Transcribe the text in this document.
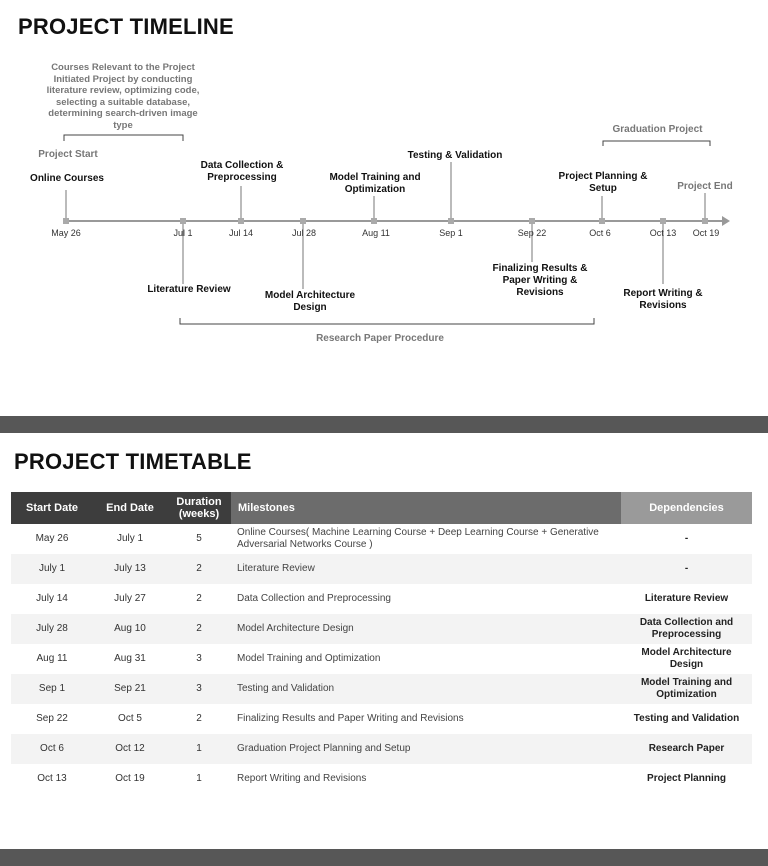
PROJECT TIMELINE
Courses Relevant to the Project Initiated Project by conducting literature review, optimizing code, selecting a suitable database, determining search-driven image type
Project Start
Graduation Project
Project End
Research Paper Procedure
Online Courses
Data Collection & Preprocessing	Model Training and Optimization
Testing & Validation
Project Planning & Setup
May 26	Jul 1	Jul 14	Jul 28	Aug 11	Sep 1	Sep 22	Oct 6	Oct 13 Oct 19
Literature Review
Model Architecture Design
Finalizing Results & Paper Writing & Revisions	Report Writing & Revisions
PROJECT TIMETABLE
Start Date	End Date	Duration (weeks)	Milestones	Dependencies
May 26	July 1	5	Online Courses( Machine Learning Course + Deep Learning Course + Generative Adversarial Networks Course )	-
July 1	July 13	2	Literature Review	-
July 14	July 27	2	Data Collection and Preprocessing	Literature Review
July 28	Aug 10	2	Model Architecture Design	Data Collection and Preprocessing
Aug 11	Aug 31	3	Model Training and Optimization	Model Architecture Design
Sep 1	Sep 21	3	Testing and Validation	Model Training and Optimization
Sep 22	Oct 5	2	Finalizing Results and Paper Writing and Revisions	Testing and Validation
Oct 6	Oct 12	1	Graduation Project Planning and Setup	Research Paper
Oct 13	Oct 19	1	Report Writing and Revisions	Project Planning
